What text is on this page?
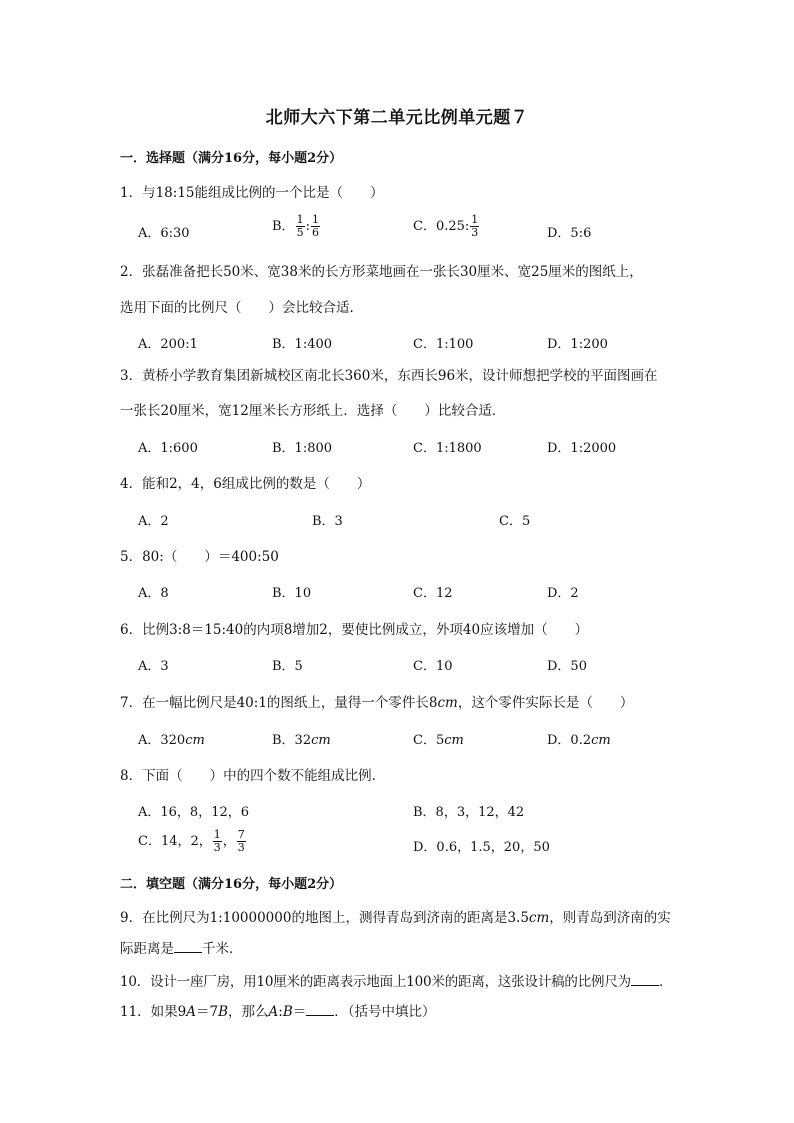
北师大六下第二单元比例单元题７
一．选择题（满分16分，每小题2分）
1．与18:15能组成比例的一个比是（　　）
A．6:30	B． $\frac{1}{5}$ : $\frac{1}{6}$	C．0.25: $\frac{1}{3}$	D．5:6
2．张磊准备把长50米、宽38米的长方形菜地画在一张长30厘米、宽25厘米的图纸上，
选用下面的比例尺（　　）会比较合适．
A．200:1	B．1:400	C．1:100	D．1:200
3．黄桥小学教育集团新城校区南北长360米，东西长96米，设计师想把学校的平面图画在
一张长20厘米，宽12厘米长方形纸上．选择（　　）比较合适．
A．1:600	B．1:800	C．1:1800	D．1:2000
4．能和2，4，6组成比例的数是（　　）
A．2	B．3	C．5
5．80:（　　）＝400:50
A．8	B．10	C．12	D．2
6．比例3:8＝15:40的内项8增加2，要使比例成立，外项40应该增加（　　）
A．3	B．5	C．10	D．50
7．在一幅比例尺是40:1的图纸上，量得一个零件长8cm，这个零件实际长是（　　）
A．320cm	B．32cm	C．5cm	D．0.2cm
8．下面（　　）中的四个数不能组成比例．
A．16，8，12，6	B．8，3，12，42
C．14，2， $\frac{1}{3}$ ， $\frac{7}{3}$	D．0.6，1.5，20，50
二．填空题（满分16分，每小题2分）
9．在比例尺为1:10000000的地图上，测得青岛到济南的距离是3.5cm，则青岛到济南的实
际距离是 千米．
10．设计一座厂房，用10厘米的距离表示地面上100米的距离，这张设计稿的比例尺为 ．
11．如果9A＝7B，那么A:B＝ ．（括号中填比）
